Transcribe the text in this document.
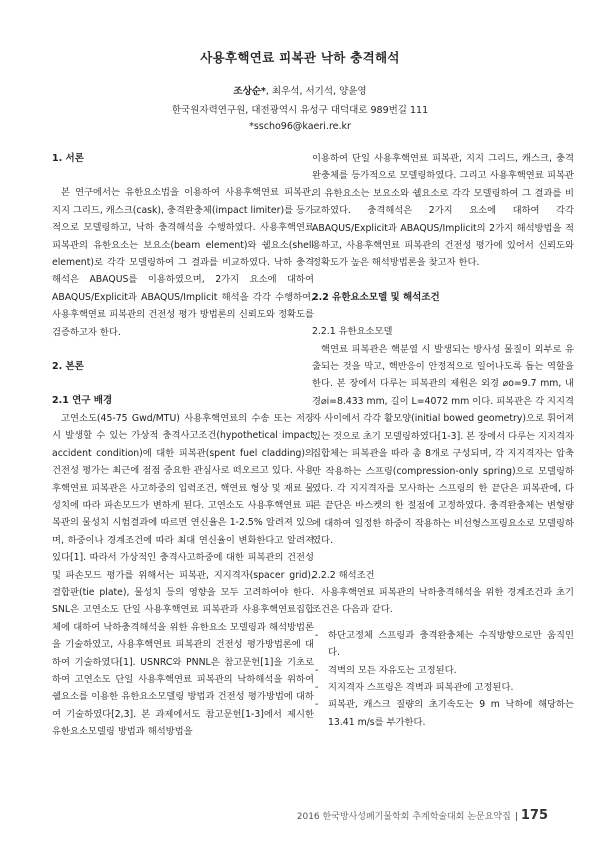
사용후핵연료 피복관 낙하 충격해석
조상순*, 최우석, 서기석, 양윤영
한국원자력연구원, 대전광역시 유성구 대덕대로 989번길 111
*sscho96@kaeri.re.kr

1. 서론

본 연구에서는 유한요소법을 이용하여 사용후핵연료 피복관, 지지 그리드, 캐스크(cask), 충격완충체(impact limiter)를 등가적으로 모델링하고, 낙하 충격해석을 수행하였다. 사용후핵연료 피복관의 유한요소는 보요소(beam element)와 쉘요소(shell element)로 각각 모델링하여 그 결과를 비교하였다. 낙하 충격해석은 ABAQUS를 이용하였으며, 2가지 요소에 대하여 ABAQUS/Explicit과 ABAQUS/Implicit 해석을 각각 수행하여, 사용후핵연료 피복관의 건전성 평가 방법론의 신뢰도와 정확도를 검증하고자 한다.

2. 본론

2.1 연구 배경

고연소도(45-75 Gwd/MTU) 사용후핵연료의 수송 또는 저장시 발생할 수 있는 가상적 충격사고조건(hypothetical impact accident condition)에 대한 피복관(spent fuel cladding)의 건전성 평가는 최근에 점점 중요한 관심사로 떠오르고 있다. 사용후핵연료 피복관은 사고하중의 입력조건, 핵연료 형상 및 재료 물성치에 따라 파손모드가 변하게 된다. 고연소도 사용후핵연료 피복관의 물성치 시험결과에 따르면 연신율은 1-2.5% 알려져 있으며, 하중이나 경계조건에 따라 최대 연신율이 변화한다고 알려져 있다[1]. 따라서 가상적인 충격사고하중에 대한 피복관의 건전성 및 파손모드 평가를 위해서는 피복관, 지지격자(spacer grid), 결합판(tie plate), 물성치 등의 영향을 모두 고려하여야 한다. SNL은 고연소도 단일 사용후핵연료 피복관과 사용후핵연료집합체에 대하여 낙하충격해석을 위한 유한요소 모델링과 해석방법론을 기술하였고, 사용후핵연료 피복관의 건전성 평가방법론에 대하여 기술하였다[1]. USNRC와 PNNL은 참고문헌[1]을 기초로 하여 고연소도 단일 사용후핵연료 피복관의 낙하해석을 위하여 쉘요소를 이용한 유한요소모델링 방법과 건전성 평가방법에 대하여 기술하였다[2,3]. 본 과제에서도 참고문헌[1-3]에서 제시한 유한요소모델링 방법과 해석방법을

이용하여 단일 사용후핵연료 피복관, 지지 그리드, 캐스크, 충격완충체를 등가적으로 모델링하였다. 그리고 사용후핵연료 피복관의 유한요소는 보요소와 쉘요소로 각각 모델링하여 그 결과를 비교하였다. 충격해석은 2가지 요소에 대하여 각각 ABAQUS/Explicit과 ABAQUS/Implicit의 2가지 해석방법을 적용하고, 사용후핵연료 피복관의 건전성 평가에 있어서 신뢰도와 정확도가 높은 해석방법론을 찾고자 한다.

2.2 유한요소모델 및 해석조건

2.2.1 유한요소모델

핵연료 피복관은 핵분열 시 발생되는 방사성 물질이 외부로 유출되는 것을 막고, 핵반응이 안정적으로 일어나도록 돕는 역할을 한다. 본 장에서 다루는 피복관의 제원은 외경 ⌀o=9.7 mm, 내경⌀i=8.433 mm, 길이 L=4072 mm 이다. 피복관은 각 지지격자 사이에서 각각 활모양(initial bowed geometry)으로 휘어져 있는 것으로 초기 모델링하였다[1-3]. 본 장에서 다루는 지지격자집합체는 피복관을 따라 총 8개로 구성되며, 각 지지격자는 압축만 작용하는 스프링(compression-only spring)으로 모델링하였다. 각 지지격자를 모사하는 스프링의 한 끝단은 피복관에, 다른 끝단은 바스켓의 한 절점에 고정하였다. 충격완충체는 변형량에 대하여 일정한 하중이 작용하는 비선형스프링요소로 모델링하였다.

2.2.2 해석조건

사용후핵연료 피복관의 낙하충격해석을 위한 경계조건과 초기조건은 다음과 같다.

- 하단고정체 스프링과 충격완충체는 수직방향으로만 움직인다.
- 격벽의 모든 자유도는 고정된다.
- 지지격자 스프링은 격벽과 피복관에 고정된다.
- 피복관, 캐스크 질량의 초기속도는 9 m 낙하에 해당하는 13.41 m/s를 부가한다.
2016 한국방사성폐기물학회 추계학술대회 논문요약집 | 175
